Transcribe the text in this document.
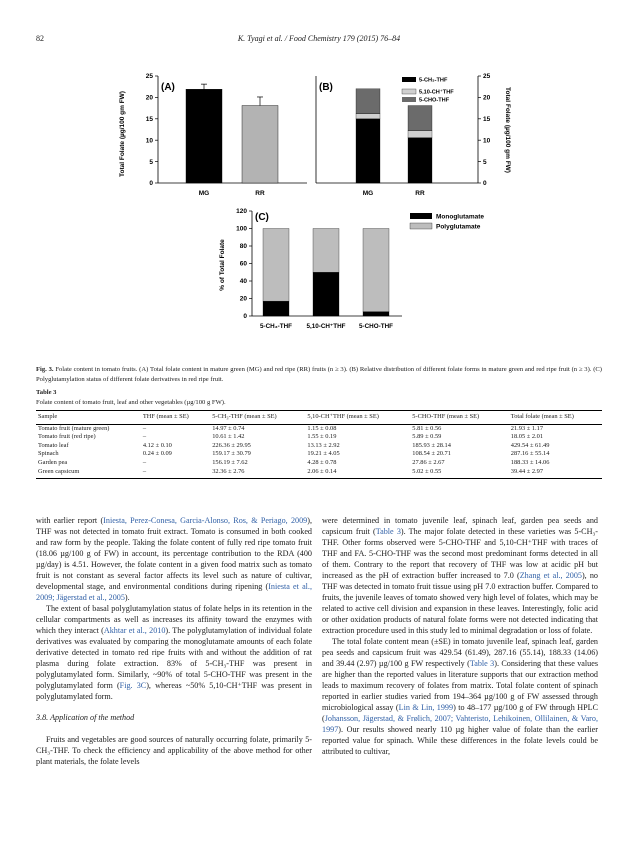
82	K. Tyagi et al. / Food Chemistry 179 (2015) 76–84
Total Folate (µg/100 gm FW)
0
5
10
15
20
25
(A)
MG	RR
0
5
10
15
20
25
(B)
5-CH₃-THF
5,10-CH⁺THF
5-CHO-THF
MG	RR
Total Folate (µg/100 gm FW)
% of Total Folate
0
20
40
60
80
100
120
(C)	Monoglutamate
Polyglutamate
5-CH₃-THF 5,10-CH⁺THF 5-CHO-THF
Fig. 3. Folate content in tomato fruits. (A) Total folate content in mature green (MG) and red ripe (RR) fruits (n ≥ 3). (B) Relative distribution of different folate forms in mature green and red ripe fruit (n ≥ 3). (C) Polyglutamylation status of different folate derivatives in red ripe fruit.
Table 3
Folate content of tomato fruit, leaf and other vegetables (µg/100 g FW).
Sample	THF (mean ± SE)	5-CH₃-THF (mean ± SE)	5,10-CH⁺THF (mean ± SE)	5-CHO-THF (mean ± SE)	Total folate (mean ± SE)
Tomato fruit (mature green)	–	14.97 ± 0.74	1.15 ± 0.08	5.81 ± 0.56	21.93 ± 1.17
Tomato fruit (red ripe)	–	10.61 ± 1.42	1.55 ± 0.19	5.89 ± 0.59	18.05 ± 2.01
Tomato leaf	4.12 ± 0.10	226.36 ± 29.95	13.13 ± 2.92	185.93 ± 28.14	429.54 ± 61.49
Spinach	0.24 ± 0.09	159.17 ± 30.79	19.21 ± 4.05	108.54 ± 20.71	287.16 ± 55.14
Garden pea	–	156.19 ± 7.62	4.28 ± 0.78	27.86 ± 2.67	188.33 ± 14.06
Green capsicum	–	32.36 ± 2.76	2.06 ± 0.14	5.02 ± 0.55	39.44 ± 2.97

with earlier report (Iniesta, Perez-Conesa, Garcia-Alonso, Ros, & Periago, 2009), THF was not detected in tomato fruit extract. Tomato is consumed in both cooked and raw form by the people. Taking the folate content of fully red ripe tomato fruit (18.06 µg/100 g of FW) in account, its percentage contribution to the RDA (400 µg/day) is 4.51. However, the folate content in a given food matrix such as tomato fruit is not constant as several factor affects its level such as nature of cultivar, developmental stage, and environmental conditions during ripening (Iniesta et al., 2009; Jägerstad et al., 2005).

The extent of basal polyglutamylation status of folate helps in its retention in the cellular compartments as well as increases its affinity toward the enzymes with which they interact (Akhtar et al., 2010). The polyglutamylation of individual folate derivatives was evaluated by comparing the monoglutamate amounts of each folate derivative detected in tomato red ripe fruits with and without the addition of rat plasma during folate extraction. 83% of 5-CH₃-THF was present in polyglutamylated form. Similarly, ~90% of total 5-CHO-THF was present in the polyglutamylated form (Fig. 3C), whereas ~50% 5,10-CH⁺THF was present in polyglutamylated form.

3.8. Application of the method

Fruits and vegetables are good sources of naturally occurring folate, primarily 5-CH₃-THF. To check the efficiency and applicability of the above method for other plant materials, the folate levels

were determined in tomato juvenile leaf, spinach leaf, garden pea seeds and capsicum fruit (Table 3). The major folate detected in these varieties was 5-CH₃-THF. Other forms observed were 5-CHO-THF and 5,10-CH⁺THF with traces of THF and FA. 5-CHO-THF was the second most predominant forms detected in all of them. Contrary to the report that recovery of THF was low at acidic pH but increased as the pH of extraction buffer increased to 7.0 (Zhang et al., 2005), no THF was detected in tomato fruit tissue using pH 7.0 extraction buffer. Compared to fruits, the juvenile leaves of tomato showed very high level of folates, which may be related to active cell division and expansion in these leaves. Interestingly, folic acid or other oxidation products of natural folate forms were not detected indicating that extraction procedure used in this study led to minimal degradation or loss of folate.

The total folate content mean (±SE) in tomato juvenile leaf, spinach leaf, garden pea seeds and capsicum fruit was 429.54 (61.49), 287.16 (55.14), 188.33 (14.06) and 39.44 (2.97) µg/100 g FW respectively (Table 3). Considering that these values are higher than the reported values in literature supports that our extraction method leads to maximum recovery of folates from matrix. Total folate content of spinach reported in earlier studies varied from 194–364 µg/100 g of FW assessed through microbiological assay (Lin & Lin, 1999) to 48–177 µg/100 g of FW through HPLC (Johansson, Jägerstad, & Frølich, 2007; Vahteristo, Lehikoinen, Ollilainen, & Varo, 1997). Our results showed nearly 110 µg higher value of folate than the earlier reported value for spinach. While these differences in the folate levels could be attributed to cultivar,
